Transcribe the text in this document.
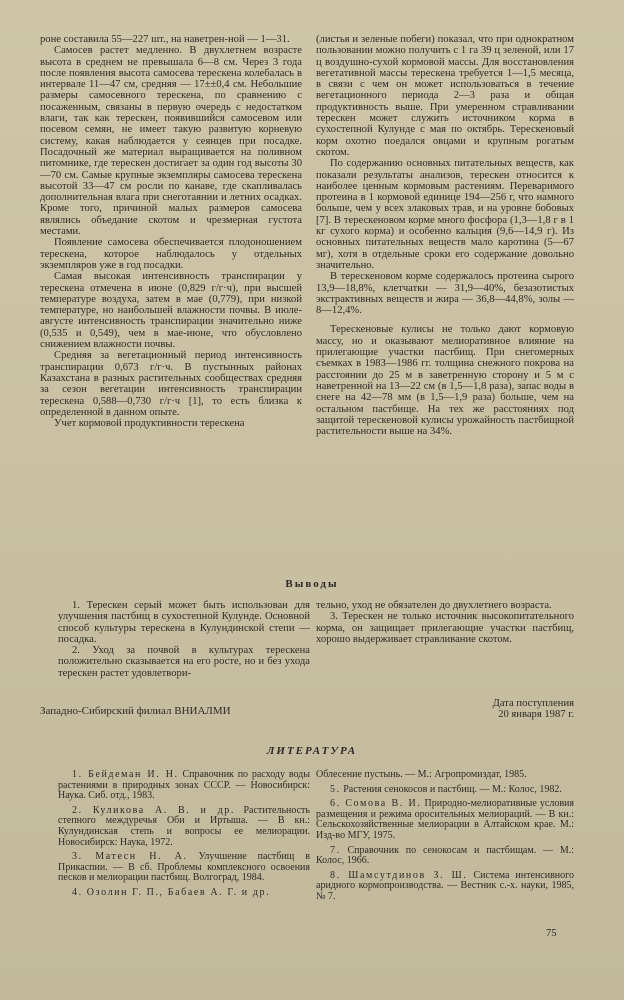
роне составила 55—227 шт., на наветрен-ной — 1—31.

Самосев растет медленно. В двухлетнем возрасте высота в среднем не превышала 6—8 см. Через 3 года после появления высота самосева терескена колебалась в интервале 11—47 см, средняя — 17±±0,4 см. Небольшие размеры самосевного терескена, по сравнению с посаженным, связаны в первую очередь с недостатком влаги, так как терескен, появившийся самосевом или посевом семян, не имеет такую развитую корневую систему, какая наблюдается у сеянцев при посадке. Посадочный же материал выращивается на поливном питомнике, где терескен достигает за один год высоты 30—70 см. Самые крупные экземпляры самосева терескена высотой 33—47 см росли по канаве, где скапливалась дополнительная влага при снеготаянии и летних осадках. Кроме того, причиной малых размеров самосева являлись объедание скотом и чрезмерная густота местами.

Появление самосева обеспечивается плодоношением терескена, которое наблюдалось у отдельных экземпляров уже в год посадки.

Самая высокая интенсивность транспирации у терескена отмечена в июне (0,829 г/г·ч), при высшей температуре воздуха, затем в мае (0,779), при низкой температуре, но наибольшей влажности почвы. В июле-августе интенсивность транспирации значительно ниже (0,535 и 0,549), чем в мае-июне, что обусловлено снижением влажности почвы.

Средняя за вегетационный период интенсивность транспирации 0,673 г/г·ч. В пустынных районах Казахстана в разных растительных сообществах средняя за сезон вегетации интенсивность транспирации терескена 0,588—0,730 г/г·ч [1], то есть близка к определенной в данном опыте.

Учет кормовой продуктивности терескена

(листья и зеленые побеги) показал, что при однократном пользовании можно получить с 1 га 39 ц зеленой, или 17 ц воздушно-сухой кормовой массы. Для восстановления вегетативной массы терескена требуется 1—1,5 месяца, в связи с чем он может использоваться в течение вегетационного периода 2—3 раза и общая продуктивность выше. При умеренном стравливании терескен может служить источником корма в сухостепной Кулунде с мая по октябрь. Терескеновый корм охотно поедался овцами и крупным рогатым скотом.

По содержанию основных питательных веществ, как показали результаты анализов, терескен относится к наиболее ценным кормовым растениям. Переваримого протеина в 1 кормовой единице 194—256 г, что намного больше, чем у всех злаковых трав, и на уровне бобовых [7]. В терескеновом корме много фосфора (1,3—1,8 г в 1 кг сухого корма) и особенно кальция (9,6—14,9 г). Из основных питательных веществ мало каротина (5—67 мг), хотя в отдельные сроки его содержание довольно значительно.

В терескеновом корме содержалось протеина сырого 13,9—18,8%, клетчатки — 31,9—40%, безазотистых экстрактивных веществ и жира — 36,8—44,8%, золы — 8—12,4%.

Терескеновые кулисы не только дают кормовую массу, но и оказывают мелиоративное влияние на прилегающие участки пастбищ. При снегомерных съемках в 1983—1986 гг. толщина снежного покрова на расстоянии до 25 м в заветренную сторону и 5 м с наветренной на 13—22 см (в 1,5—1,8 раза), запас воды в снеге на 42—78 мм (в 1,5—1,9 раза) больше, чем на остальном пастбище. На тех же расстояниях под защитой терескеновой кулисы урожайность пастбищной растительности выше на 34%.

Выводы

1. Терескен серый может быть использован для улучшения пастбищ в сухостепной Кулунде. Основной способ культуры терескена в Кулундинской степи — посадка.

2. Уход за почвой в культурах терескена положительно сказывается на его росте, но и без ухода терескен растет удовлетвори-

тельно, уход не обязателен до двухлетнего возраста.

3. Терескен не только источник высокопитательного корма, он защищает прилегающие участки пастбищ, хорошо выдерживает стравливание скотом.

Западно-Сибирский филиал ВНИАЛМИ
Дата поступления
20 января 1987 г.
ЛИТЕРАТУРА

1. Бейдеман И. Н. Справочник по расходу воды растениями в природных зонах СССР. — Новосибирск: Наука. Сиб. отд., 1983.

2. Куликова А. В. и др. Растительность степного междуречья Оби и Иртыша. — В кн.: Кулундинская степь и вопросы ее мелиорации. Новосибирск: Наука, 1972.

3. Матесн Н. А. Улучшение пастбищ в Прикаспии. — В сб. Проблемы комплексного освоения песков и мелиорации пастбищ. Волгоград, 1984.

4. Озолин Г. П., Бабаев А. Г. и др.

Облесение пустынь. — М.: Агропромиздат, 1985.

5. Растения сенокосов и пастбищ. — М.: Колос, 1982.

6. Сомова В. И. Природно-мелиоративные условия размещения и режима оросительных мелиораций. — В кн.: Сельскохозяйственные мелиорации в Алтайском крае. М.: Изд-во МГУ, 1975.

7. Справочник по сенокосам и пастбищам. — М.: Колос, 1966.

8. Шамсутдинов З. Ш. Система интенсивного аридного кормопроизводства. — Вестник с.-х. науки, 1985, № 7.

75
